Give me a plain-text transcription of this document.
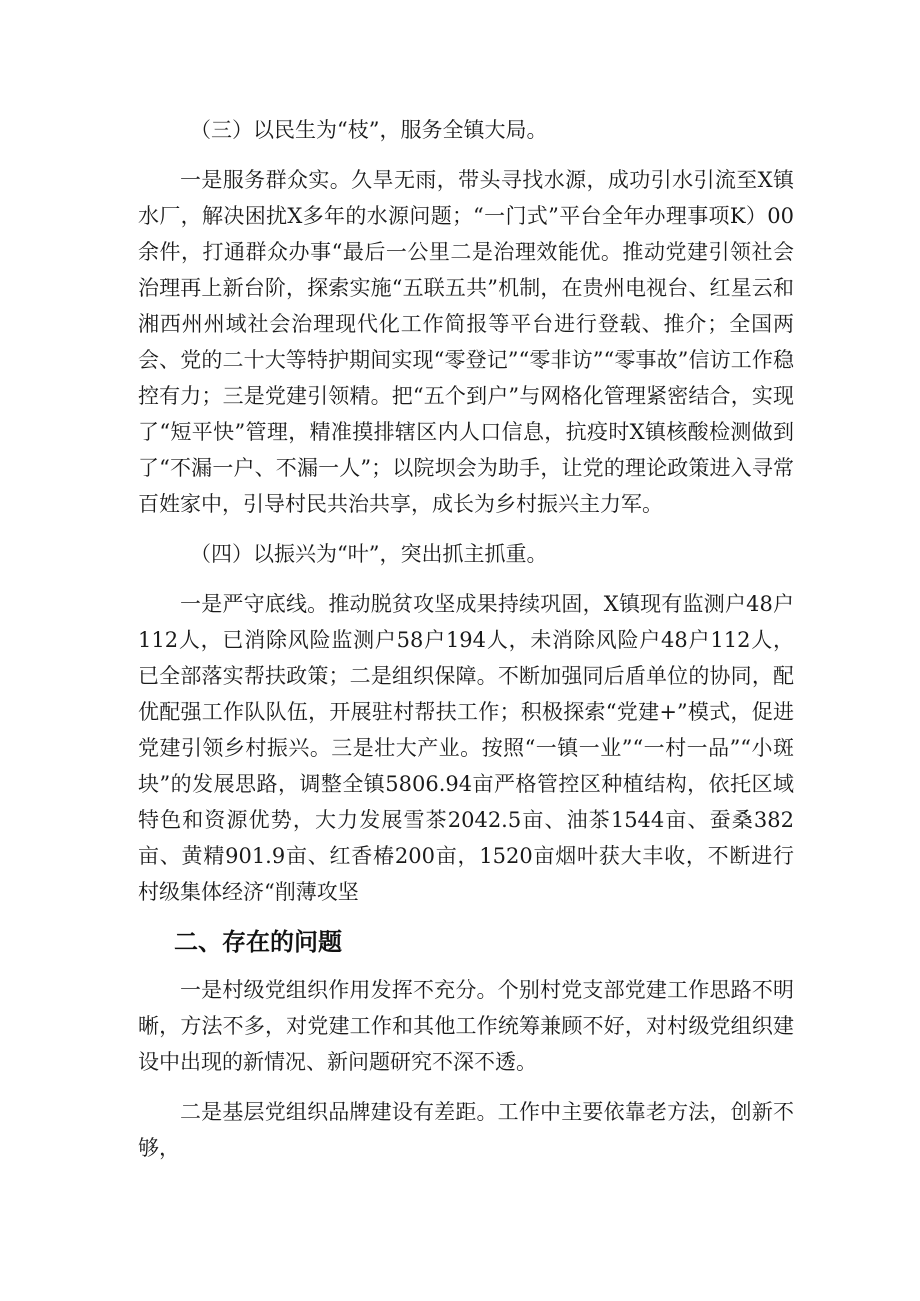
（三）以民生为“枝”，服务全镇大局。

一是服务群众实。久旱无雨，带头寻找水源，成功引水引流至X镇水厂，解决困扰X多年的水源问题；“一门式”平台全年办理事项K）00余件，打通群众办事“最后一公里二是治理效能优。推动党建引领社会治理再上新台阶，探索实施“五联五共”机制，在贵州电视台、红星云和湘西州州域社会治理现代化工作简报等平台进行登载、推介；全国两会、党的二十大等特护期间实现“零登记”“零非访”“零事故”信访工作稳控有力；三是党建引领精。把“五个到户”与网格化管理紧密结合，实现了“短平快”管理，精准摸排辖区内人口信息，抗疫时X镇核酸检测做到了“不漏一户、不漏一人”；以院坝会为助手，让党的理论政策进入寻常百姓家中，引导村民共治共享，成长为乡村振兴主力军。

（四）以振兴为“叶”，突出抓主抓重。

一是严守底线。推动脱贫攻坚成果持续巩固，X镇现有监测户48户112人，已消除风险监测户58户194人，未消除风险户48户112人，已全部落实帮扶政策；二是组织保障。不断加强同后盾单位的协同，配优配强工作队队伍，开展驻村帮扶工作；积极探索“党建+”模式，促进党建引领乡村振兴。三是壮大产业。按照“一镇一业”“一村一品”“小斑块”的发展思路，调整全镇5806.94亩严格管控区种植结构，依托区域特色和资源优势，大力发展雪茶2042.5亩、油茶1544亩、蚕桑382亩、黄精901.9亩、红香椿200亩，1520亩烟叶获大丰收，不断进行村级集体经济“削薄攻坚

二、存在的问题

一是村级党组织作用发挥不充分。个别村党支部党建工作思路不明晰，方法不多，对党建工作和其他工作统筹兼顾不好，对村级党组织建设中出现的新情况、新问题研究不深不透。

二是基层党组织品牌建设有差距。工作中主要依靠老方法，创新不够，
